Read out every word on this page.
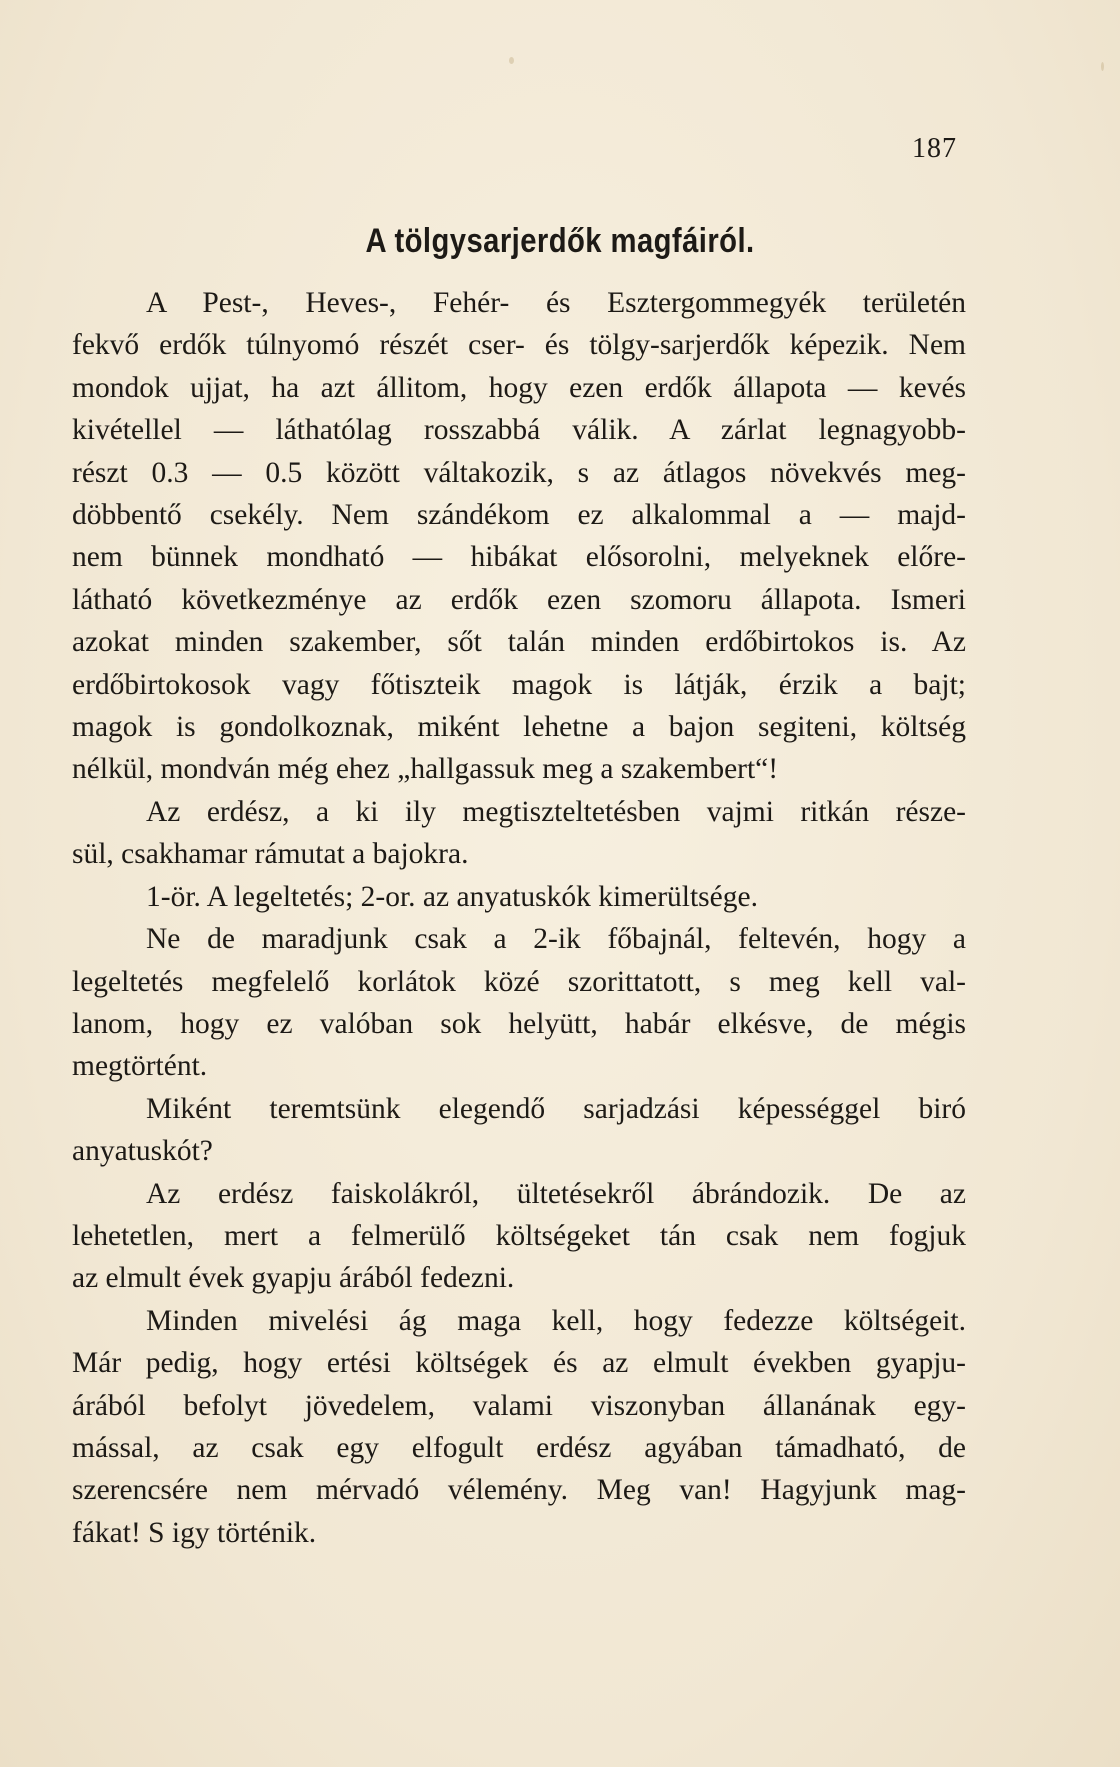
187
A tölgysarjerdők magfáiról.
A Pest-, Heves-, Fehér- és Esztergommegyék területén
fekvő erdők túlnyomó részét cser- és tölgy-sarjerdők képezik. Nem
mondok ujjat, ha azt állitom, hogy ezen erdők állapota — kevés
kivétellel — láthatólag rosszabbá válik. A zárlat legnagyobb-
részt 0.3 — 0.5 között váltakozik, s az átlagos növekvés meg-
döbbentő csekély. Nem szándékom ez alkalommal a — majd-
nem bünnek mondható — hibákat elősorolni, melyeknek előre-
látható következménye az erdők ezen szomoru állapota. Ismeri
azokat minden szakember, sőt talán minden erdőbirtokos is. Az
erdőbirtokosok vagy főtiszteik magok is látják, érzik a bajt;
magok is gondolkoznak, miként lehetne a bajon segiteni, költség
nélkül, mondván még ehez „hallgassuk meg a szakembert“!
Az erdész, a ki ily megtiszteltetésben vajmi ritkán része-
sül, csakhamar rámutat a bajokra.
1-ör. A legeltetés; 2-or. az anyatuskók kimerültsége.
Ne de maradjunk csak a 2-ik főbajnál, feltevén, hogy a
legeltetés megfelelő korlátok közé szorittatott, s meg kell val-
lanom, hogy ez valóban sok helyütt, habár elkésve, de mégis
megtörtént.
Miként teremtsünk elegendő sarjadzási képességgel biró
anyatuskót?
Az erdész faiskolákról, ültetésekről ábrándozik. De az
lehetetlen, mert a felmerülő költségeket tán csak nem fogjuk
az elmult évek gyapju árából fedezni.
Minden mivelési ág maga kell, hogy fedezze költségeit.
Már pedig, hogy ertési költségek és az elmult években gyapju-
árából befolyt jövedelem, valami viszonyban állanának egy-
mással, az csak egy elfogult erdész agyában támadható, de
szerencsére nem mérvadó vélemény. Meg van! Hagyjunk mag-
fákat! S igy történik.
